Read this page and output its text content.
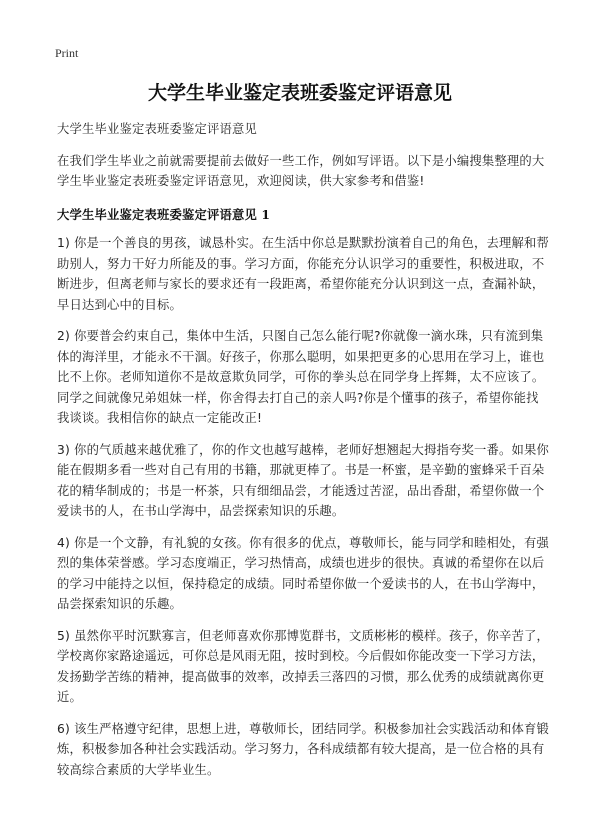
Print
大学生毕业鉴定表班委鉴定评语意见

大学生毕业鉴定表班委鉴定评语意见

在我们学生毕业之前就需要提前去做好一些工作，例如写评语。以下是小编搜集整理的大学生毕业鉴定表班委鉴定评语意见，欢迎阅读，供大家参考和借鉴!

大学生毕业鉴定表班委鉴定评语意见 1

1) 你是一个善良的男孩，诚恳朴实。在生活中你总是默默扮演着自己的角色，去理解和帮助别人，努力干好力所能及的事。学习方面，你能充分认识学习的重要性，积极进取，不断进步，但离老师与家长的要求还有一段距离，希望你能充分认识到这一点，查漏补缺，早日达到心中的目标。

2) 你要普会约束自己，集体中生活，只图自己怎么能行呢?你就像一滴水珠，只有流到集体的海洋里，才能永不干涸。好孩子，你那么聪明，如果把更多的心思用在学习上，谁也比不上你。老师知道你不是故意欺负同学，可你的拳头总在同学身上挥舞，太不应该了。同学之间就像兄弟姐妹一样，你舍得去打自己的亲人吗?你是个懂事的孩子，希望你能找我谈谈。我相信你的缺点一定能改正!

3) 你的气质越来越优雅了，你的作文也越写越棒，老师好想翘起大拇指夸奖一番。如果你能在假期多看一些对自己有用的书籍，那就更棒了。书是一杯蜜，是辛勤的蜜蜂采千百朵花的精华制成的；书是一杯茶，只有细细品尝，才能透过苦涩，品出香甜，希望你做一个爱读书的人，在书山学海中，品尝探索知识的乐趣。

4) 你是一个文静，有礼貌的女孩。你有很多的优点，尊敬师长，能与同学和睦相处，有强烈的集体荣誉感。学习态度端正，学习热情高，成绩也进步的很快。真诚的希望你在以后的学习中能持之以恒，保持稳定的成绩。同时希望你做一个爱读书的人，在书山学海中，品尝探索知识的乐趣。

5) 虽然你平时沉默寡言，但老师喜欢你那博览群书，文质彬彬的模样。孩子，你辛苦了，学校离你家路途遥远，可你总是风雨无阻，按时到校。今后假如你能改变一下学习方法，发扬勤学苦练的精神，提高做事的效率，改掉丢三落四的习惯，那么优秀的成绩就离你更近。

6) 该生严格遵守纪律，思想上进，尊敬师长，团结同学。积极参加社会实践活动和体育锻炼，积极参加各种社会实践活动。学习努力，各科成绩都有较大提高，是一位合格的具有较高综合素质的大学毕业生。
